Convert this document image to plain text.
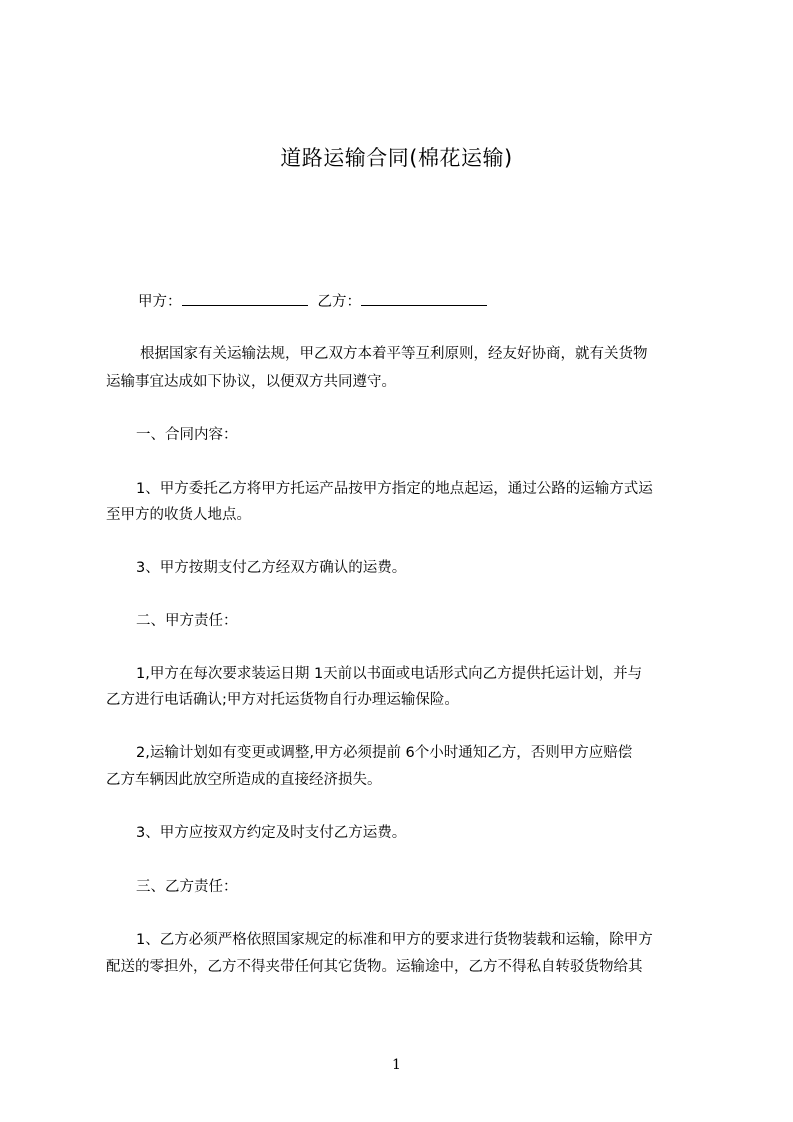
道路运输合同(棉花运输)
甲方：	乙方：
根据国家有关运输法规，甲乙双方本着平等互利原则，经友好协商，就有关货物
运输事宜达成如下协议，以便双方共同遵守。
一、合同内容：
1、甲方委托乙方将甲方托运产品按甲方指定的地点起运，通过公路的运输方式运
至甲方的收货人地点。
3、甲方按期支付乙方经双方确认的运费。
二、甲方责任：
1,甲方在每次要求装运日期 1天前以书面或电话形式向乙方提供托运计划，并与
乙方进行电话确认;甲方对托运货物自行办理运输保险。
2,运输计划如有变更或调整,甲方必须提前 6个小时通知乙方，否则甲方应赔偿
乙方车辆因此放空所造成的直接经济损失。
3、甲方应按双方约定及时支付乙方运费。
三、乙方责任：
1、乙方必须严格依照国家规定的标准和甲方的要求进行货物装载和运输，除甲方
配送的零担外，乙方不得夹带任何其它货物。运输途中，乙方不得私自转驳货物给其
1
